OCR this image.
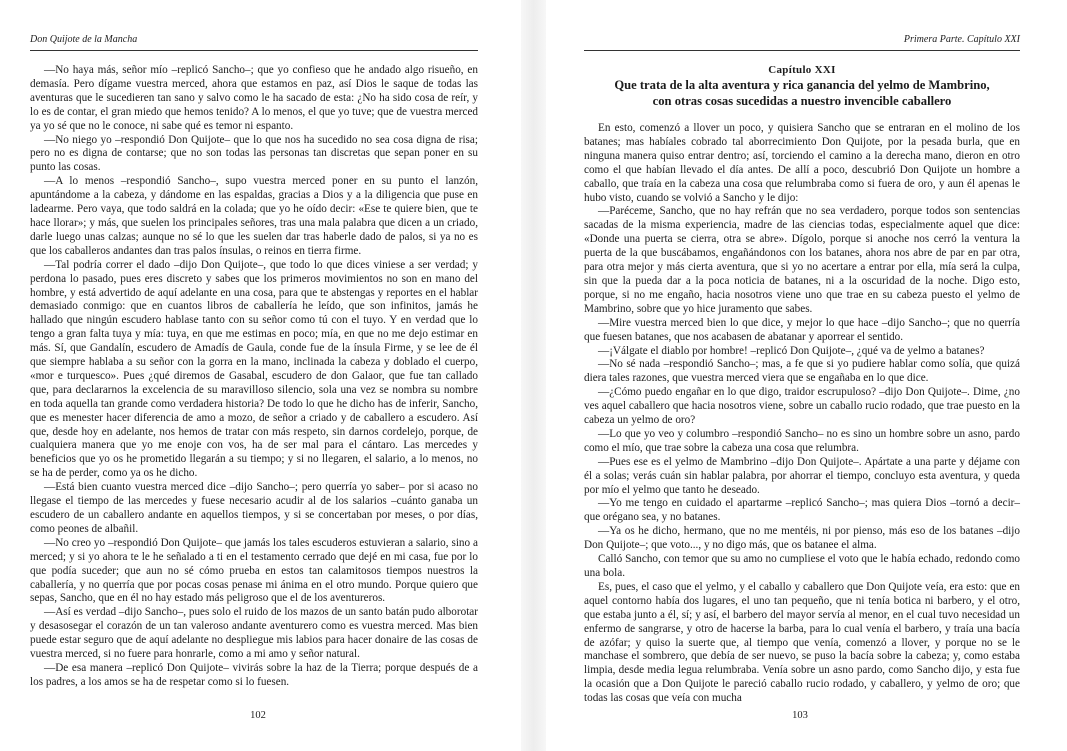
Don Quijote de la Mancha

—No haya más, señor mío –replicó Sancho–; que yo confieso que he andado algo risueño, en demasía. Pero dígame vuestra merced, ahora que estamos en paz, así Dios le saque de todas las aventuras que le sucedieren tan sano y salvo como le ha sacado de esta: ¿No ha sido cosa de reír, y lo es de contar, el gran miedo que hemos tenido? A lo menos, el que yo tuve; que de vuestra merced ya yo sé que no le conoce, ni sabe qué es temor ni espanto.

—No niego yo –respondió Don Quijote– que lo que nos ha sucedido no sea cosa digna de risa; pero no es digna de contarse; que no son todas las personas tan discretas que sepan poner en su punto las cosas.

—A lo menos –respondió Sancho–, supo vuestra merced poner en su punto el lanzón, apuntándome a la cabeza, y dándome en las espaldas, gracias a Dios y a la diligencia que puse en ladearme. Pero vaya, que todo saldrá en la colada; que yo he oído decir: «Ese te quiere bien, que te hace llorar»; y más, que suelen los principales señores, tras una mala palabra que dicen a un criado, darle luego unas calzas; aunque no sé lo que les suelen dar tras haberle dado de palos, si ya no es que los caballeros andantes dan tras palos ínsulas, o reinos en tierra firme.

—Tal podría correr el dado –dijo Don Quijote–, que todo lo que dices viniese a ser verdad; y perdona lo pasado, pues eres discreto y sabes que los primeros movimientos no son en mano del hombre, y está advertido de aquí adelante en una cosa, para que te abstengas y reportes en el hablar demasiado conmigo: que en cuantos libros de caballería he leído, que son infinitos, jamás he hallado que ningún escudero hablase tanto con su señor como tú con el tuyo. Y en verdad que lo tengo a gran falta tuya y mía: tuya, en que me estimas en poco; mía, en que no me dejo estimar en más. Sí, que Gandalín, escudero de Amadís de Gaula, conde fue de la ínsula Firme, y se lee de él que siempre hablaba a su señor con la gorra en la mano, inclinada la cabeza y doblado el cuerpo, «mor e turquesco». Pues ¿qué diremos de Gasabal, escudero de don Galaor, que fue tan callado que, para declararnos la excelencia de su maravilloso silencio, sola una vez se nombra su nombre en toda aquella tan grande como verdadera historia? De todo lo que he dicho has de inferir, Sancho, que es menester hacer diferencia de amo a mozo, de señor a criado y de caballero a escudero. Así que, desde hoy en adelante, nos hemos de tratar con más respeto, sin darnos cordelejo, porque, de cualquiera manera que yo me enoje con vos, ha de ser mal para el cántaro. Las mercedes y beneficios que yo os he prometido llegarán a su tiempo; y si no llegaren, el salario, a lo menos, no se ha de perder, como ya os he dicho.

—Está bien cuanto vuestra merced dice –dijo Sancho–; pero querría yo saber– por si acaso no llegase el tiempo de las mercedes y fuese necesario acudir al de los salarios –cuánto ganaba un escudero de un caballero andante en aquellos tiempos, y si se concertaban por meses, o por días, como peones de albañil.

—No creo yo –respondió Don Quijote– que jamás los tales escuderos estuvieran a salario, sino a merced; y si yo ahora te le he señalado a ti en el testamento cerrado que dejé en mi casa, fue por lo que podía suceder; que aun no sé cómo prueba en estos tan calamitosos tiempos nuestros la caballería, y no querría que por pocas cosas penase mi ánima en el otro mundo. Porque quiero que sepas, Sancho, que en él no hay estado más peligroso que el de los aventureros.

—Así es verdad –dijo Sancho–, pues solo el ruido de los mazos de un santo batán pudo alborotar y desasosegar el corazón de un tan valeroso andante aventurero como es vuestra merced. Mas bien puede estar seguro que de aquí adelante no despliegue mis labios para hacer donaire de las cosas de vuestra merced, si no fuere para honrarle, como a mi amo y señor natural.

—De esa manera –replicó Don Quijote– vivirás sobre la haz de la Tierra; porque después de a los padres, a los amos se ha de respetar como si lo fuesen.

102
Primera Parte. Capítulo XXI
Capítulo XXI
Que trata de la alta aventura y rica ganancia del yelmo de Mambrino,
con otras cosas sucedidas a nuestro invencible caballero

En esto, comenzó a llover un poco, y quisiera Sancho que se entraran en el molino de los batanes; mas habíales cobrado tal aborrecimiento Don Quijote, por la pesada burla, que en ninguna manera quiso entrar dentro; así, torciendo el camino a la derecha mano, dieron en otro como el que habían llevado el día antes. De allí a poco, descubrió Don Quijote un hombre a caballo, que traía en la cabeza una cosa que relumbraba como si fuera de oro, y aun él apenas le hubo visto, cuando se volvió a Sancho y le dijo:

—Paréceme, Sancho, que no hay refrán que no sea verdadero, porque todos son sentencias sacadas de la misma experiencia, madre de las ciencias todas, especialmente aquel que dice: «Donde una puerta se cierra, otra se abre». Dígolo, porque si anoche nos cerró la ventura la puerta de la que buscábamos, engañándonos con los batanes, ahora nos abre de par en par otra, para otra mejor y más cierta aventura, que si yo no acertare a entrar por ella, mía será la culpa, sin que la pueda dar a la poca noticia de batanes, ni a la oscuridad de la noche. Digo esto, porque, si no me engaño, hacia nosotros viene uno que trae en su cabeza puesto el yelmo de Mambrino, sobre que yo hice juramento que sabes.

—Mire vuestra merced bien lo que dice, y mejor lo que hace –dijo Sancho–; que no querría que fuesen batanes, que nos acabasen de abatanar y aporrear el sentido.

—¡Válgate el diablo por hombre! –replicó Don Quijote–, ¿qué va de yelmo a batanes?

—No sé nada –respondió Sancho–; mas, a fe que si yo pudiere hablar como solía, que quizá diera tales razones, que vuestra merced viera que se engañaba en lo que dice.

—¿Cómo puedo engañar en lo que digo, traidor escrupuloso? –dijo Don Quijote–. Dime, ¿no ves aquel caballero que hacia nosotros viene, sobre un caballo rucio rodado, que trae puesto en la cabeza un yelmo de oro?

—Lo que yo veo y columbro –respondió Sancho– no es sino un hombre sobre un asno, pardo como el mío, que trae sobre la cabeza una cosa que relumbra.

—Pues ese es el yelmo de Mambrino –dijo Don Quijote–. Apártate a una parte y déjame con él a solas; verás cuán sin hablar palabra, por ahorrar el tiempo, concluyo esta aventura, y queda por mío el yelmo que tanto he deseado.

—Yo me tengo en cuidado el apartarme –replicó Sancho–; mas quiera Dios –tornó a decir– que orégano sea, y no batanes.

—Ya os he dicho, hermano, que no me mentéis, ni por pienso, más eso de los batanes –dijo Don Quijote–; que voto..., y no digo más, que os batanee el alma.

Calló Sancho, con temor que su amo no cumpliese el voto que le había echado, redondo como una bola.

Es, pues, el caso que el yelmo, y el caballo y caballero que Don Quijote veía, era esto: que en aquel contorno había dos lugares, el uno tan pequeño, que ni tenía botica ni barbero, y el otro, que estaba junto a él, sí; y así, el barbero del mayor servía al menor, en el cual tuvo necesidad un enfermo de sangrarse, y otro de hacerse la barba, para lo cual venía el barbero, y traía una bacía de azófar; y quiso la suerte que, al tiempo que venía, comenzó a llover, y porque no se le manchase el sombrero, que debía de ser nuevo, se puso la bacía sobre la cabeza; y, como estaba limpia, desde media legua relumbraba. Venía sobre un asno pardo, como Sancho dijo, y esta fue la ocasión que a Don Quijote le pareció caballo rucio rodado, y caballero, y yelmo de oro; que todas las cosas que veía con mucha

103
